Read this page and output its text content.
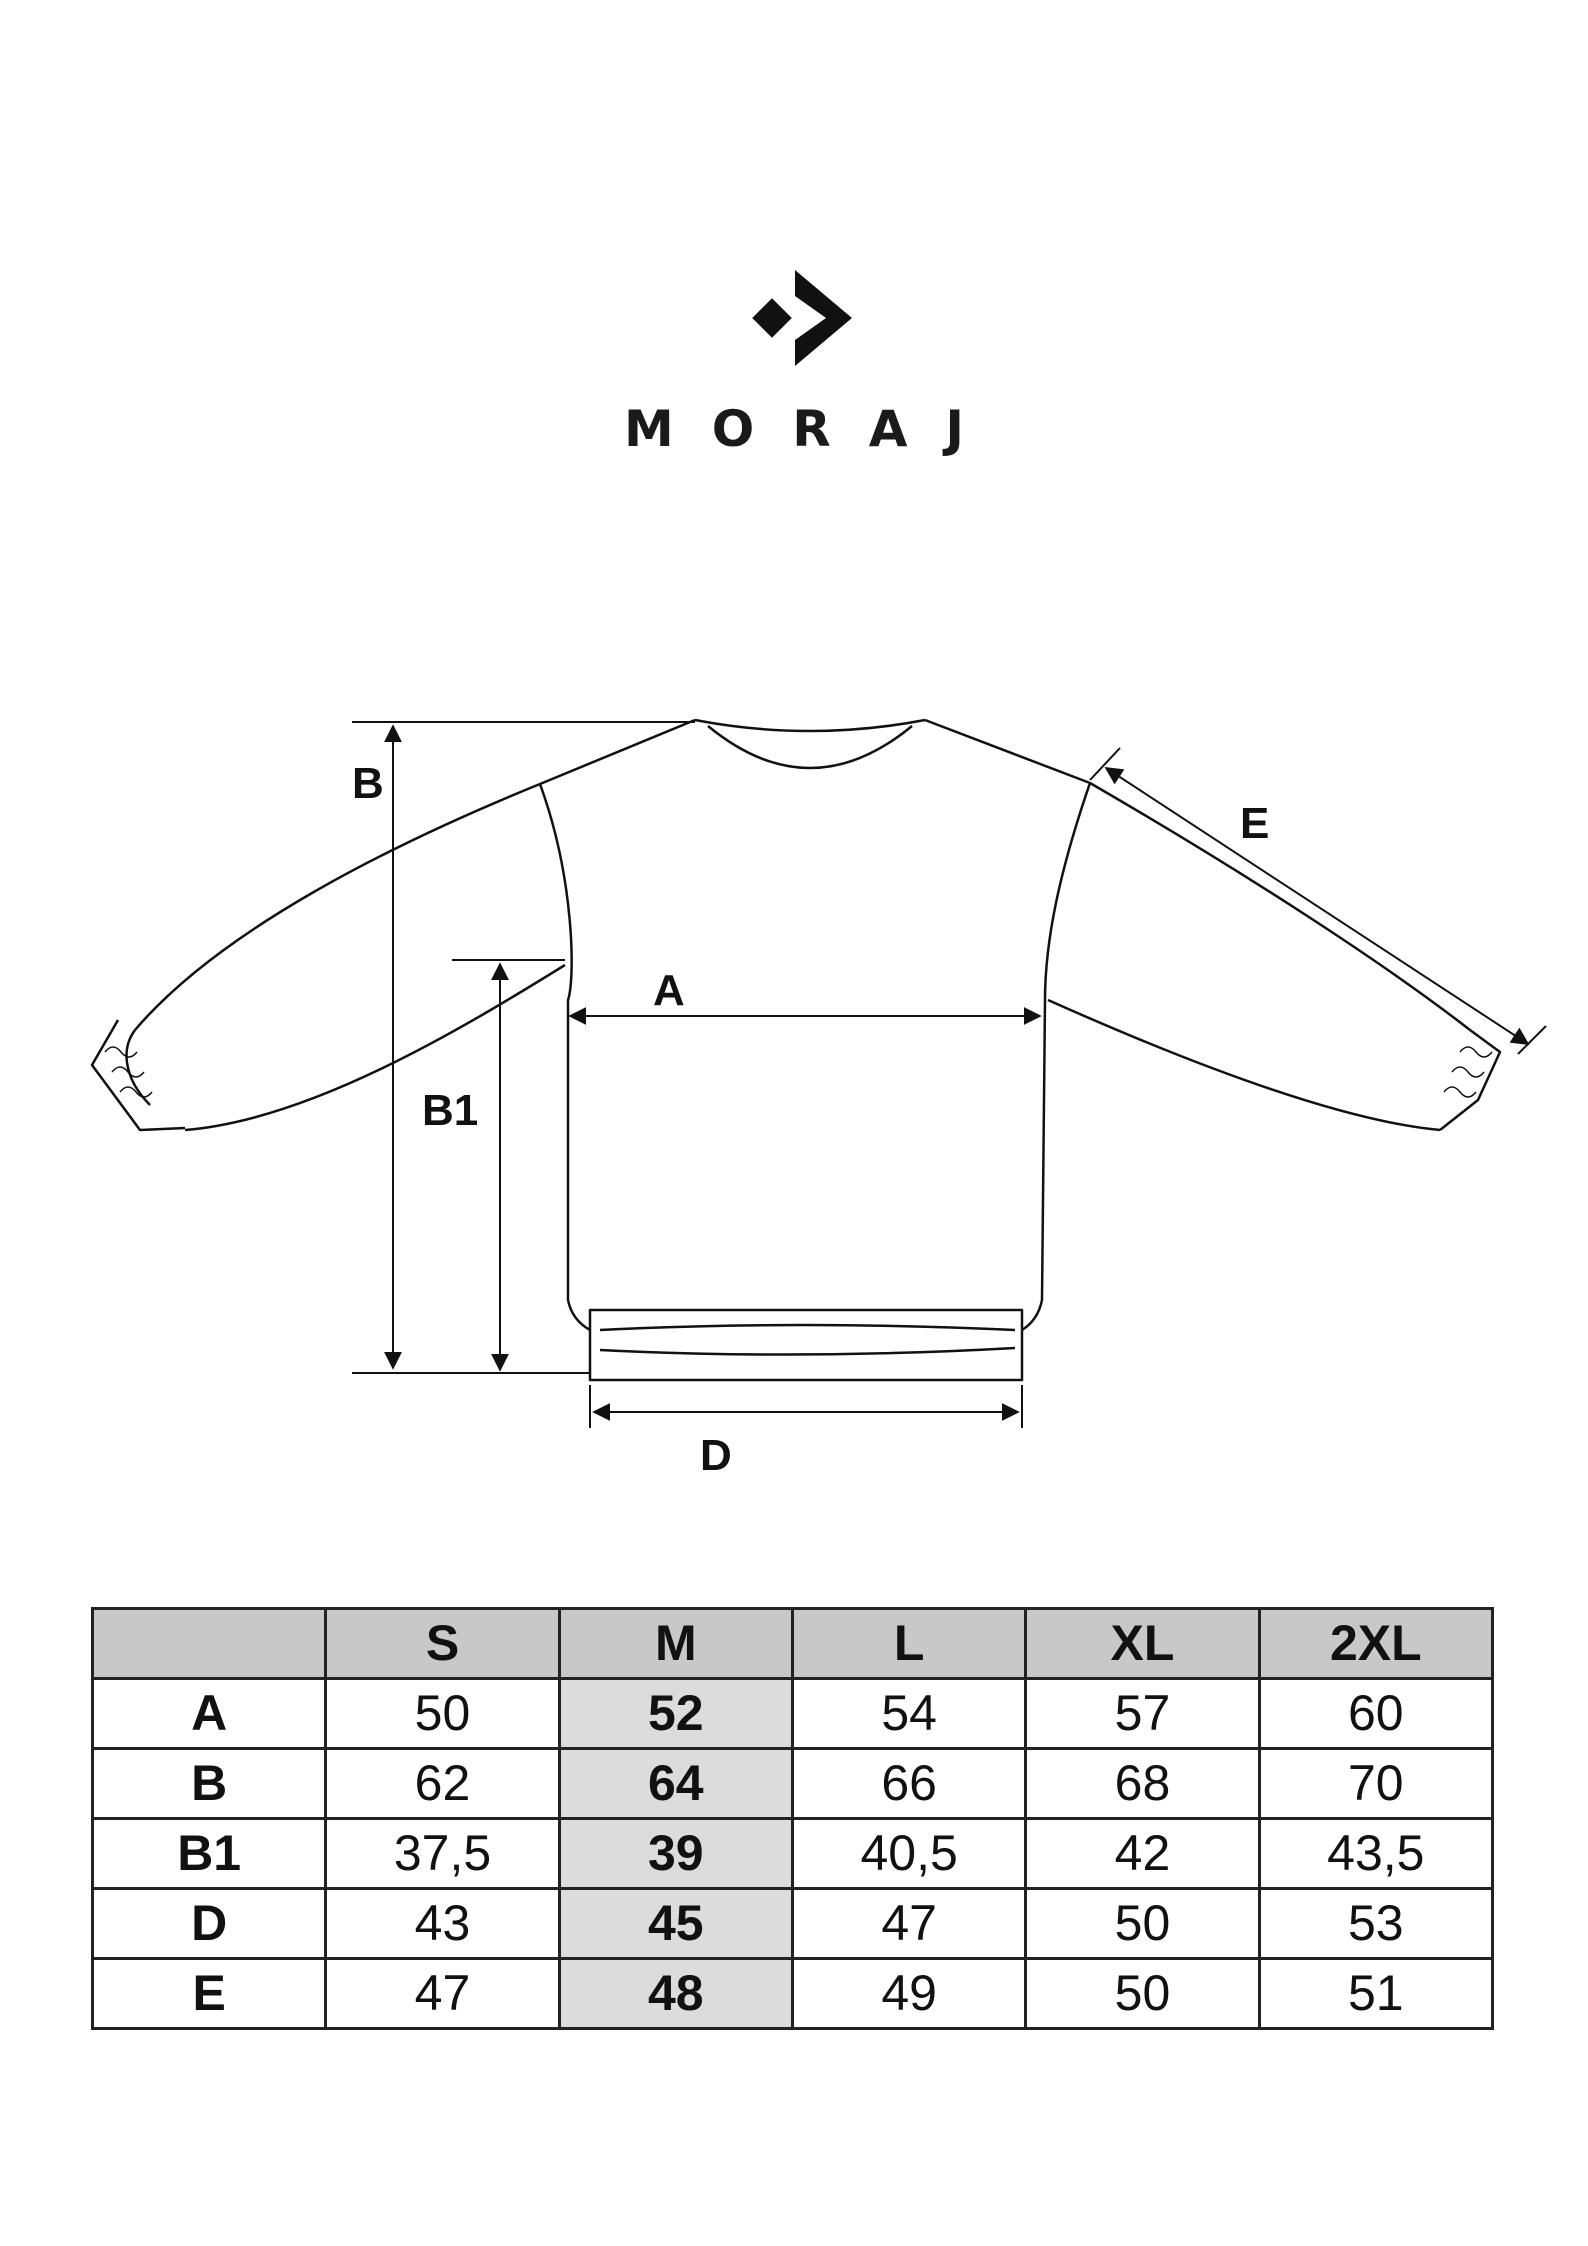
MORAJ
B
B1
A
D
E
	S	M	L	XL	2XL
A	50	52	54	57	60
B	62	64	66	68	70
B1	37,5	39	40,5	42	43,5
D	43	45	47	50	53
E	47	48	49	50	51
